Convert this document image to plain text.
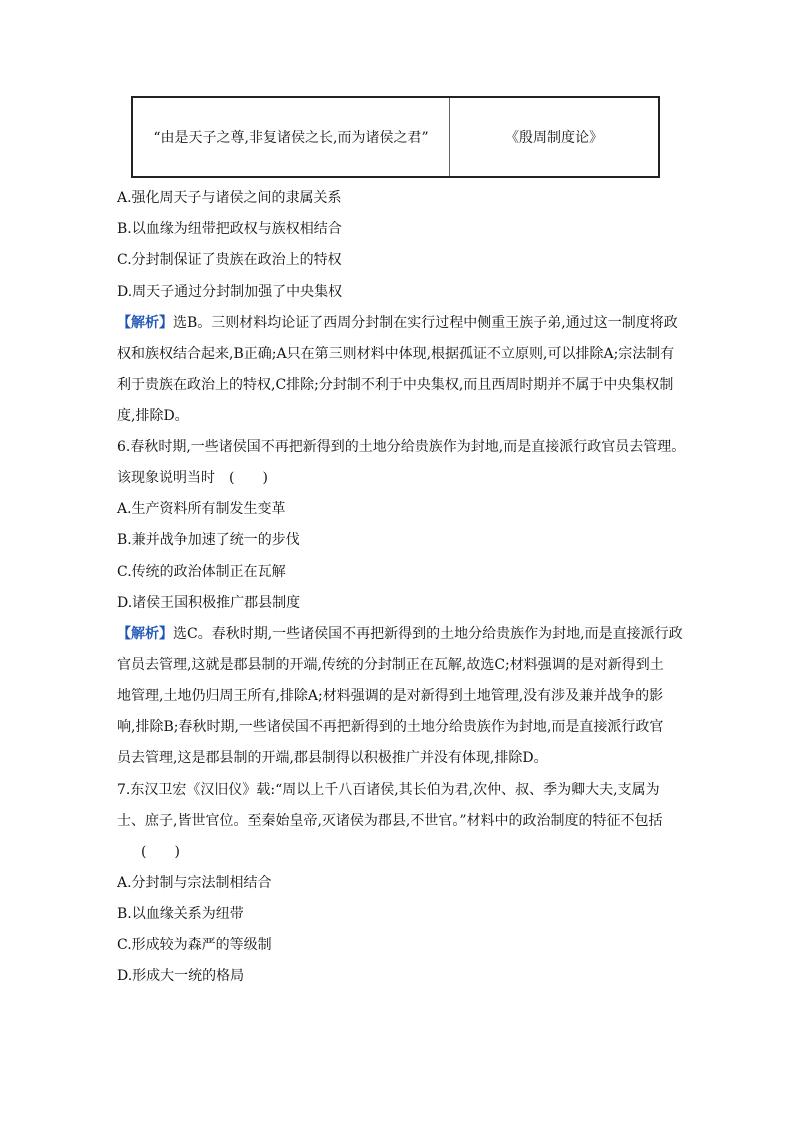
“由是天子之尊,非复诸侯之长,而为诸侯之君”	《殷周制度论》
A.强化周天子与诸侯之间的隶属关系
B.以血缘为纽带把政权与族权相结合
C.分封制保证了贵族在政治上的特权
D.周天子通过分封制加强了中央集权
【解析】选B。三则材料均论证了西周分封制在实行过程中侧重王族子弟,通过这一制度将政
权和族权结合起来,B正确;A只在第三则材料中体现,根据孤证不立原则,可以排除A;宗法制有
利于贵族在政治上的特权,C排除;分封制不利于中央集权,而且西周时期并不属于中央集权制
度,排除D。
6.春秋时期,一些诸侯国不再把新得到的土地分给贵族作为封地,而是直接派行政官员去管理。
该现象说明当时　(　　)
A.生产资料所有制发生变革
B.兼并战争加速了统一的步伐
C.传统的政治体制正在瓦解
D.诸侯王国积极推广郡县制度
【解析】选C。春秋时期,一些诸侯国不再把新得到的土地分给贵族作为封地,而是直接派行政
官员去管理,这就是郡县制的开端,传统的分封制正在瓦解,故选C;材料强调的是对新得到土
地管理,土地仍归周王所有,排除A;材料强调的是对新得到土地管理,没有涉及兼并战争的影
响,排除B;春秋时期,一些诸侯国不再把新得到的土地分给贵族作为封地,而是直接派行政官
员去管理,这是郡县制的开端,郡县制得以积极推广并没有体现,排除D。
7.东汉卫宏《汉旧仪》载:“周以上千八百诸侯,其长伯为君,次仲、叔、季为卿大夫,支属为
士、庶子,皆世官位。至秦始皇帝,灭诸侯为郡县,不世官。”材料中的政治制度的特征不包括
(　　)
A.分封制与宗法制相结合
B.以血缘关系为纽带
C.形成较为森严的等级制
D.形成大一统的格局
